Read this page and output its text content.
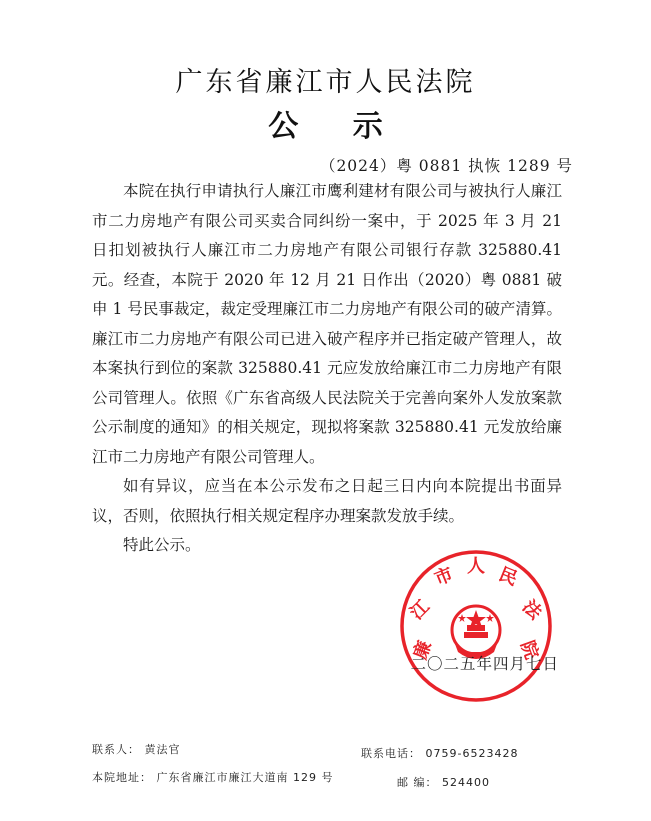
广东省廉江市人民法院
公 示
（2024）粤 0881 执恢 1289 号

本院在执行申请执行人廉江市鹰利建材有限公司与被执行人廉江市二力房地产有限公司买卖合同纠纷一案中，于 2025 年 3 月 21 日扣划被执行人廉江市二力房地产有限公司银行存款 325880.41 元。经查，本院于 2020 年 12 月 21 日作出（2020）粤 0881 破申 1 号民事裁定，裁定受理廉江市二力房地产有限公司的破产清算。廉江市二力房地产有限公司已进入破产程序并已指定破产管理人，故本案执行到位的案款 325880.41 元应发放给廉江市二力房地产有限公司管理人。依照《广东省高级人民法院关于完善向案外人发放案款公示制度的通知》的相关规定，现拟将案款 325880.41 元发放给廉江市二力房地产有限公司管理人。

如有异议，应当在本公示发布之日起三日内向本院提出书面异议，否则，依照执行相关规定程序办理案款发放手续。

特此公示。

廉
江
市 人 民
法
院
二〇二五年四月七日
联系人： 黄法官	联系电话： 0759-6523428
本院地址： 广东省廉江市廉江大道南 129 号	邮 编： 524400
